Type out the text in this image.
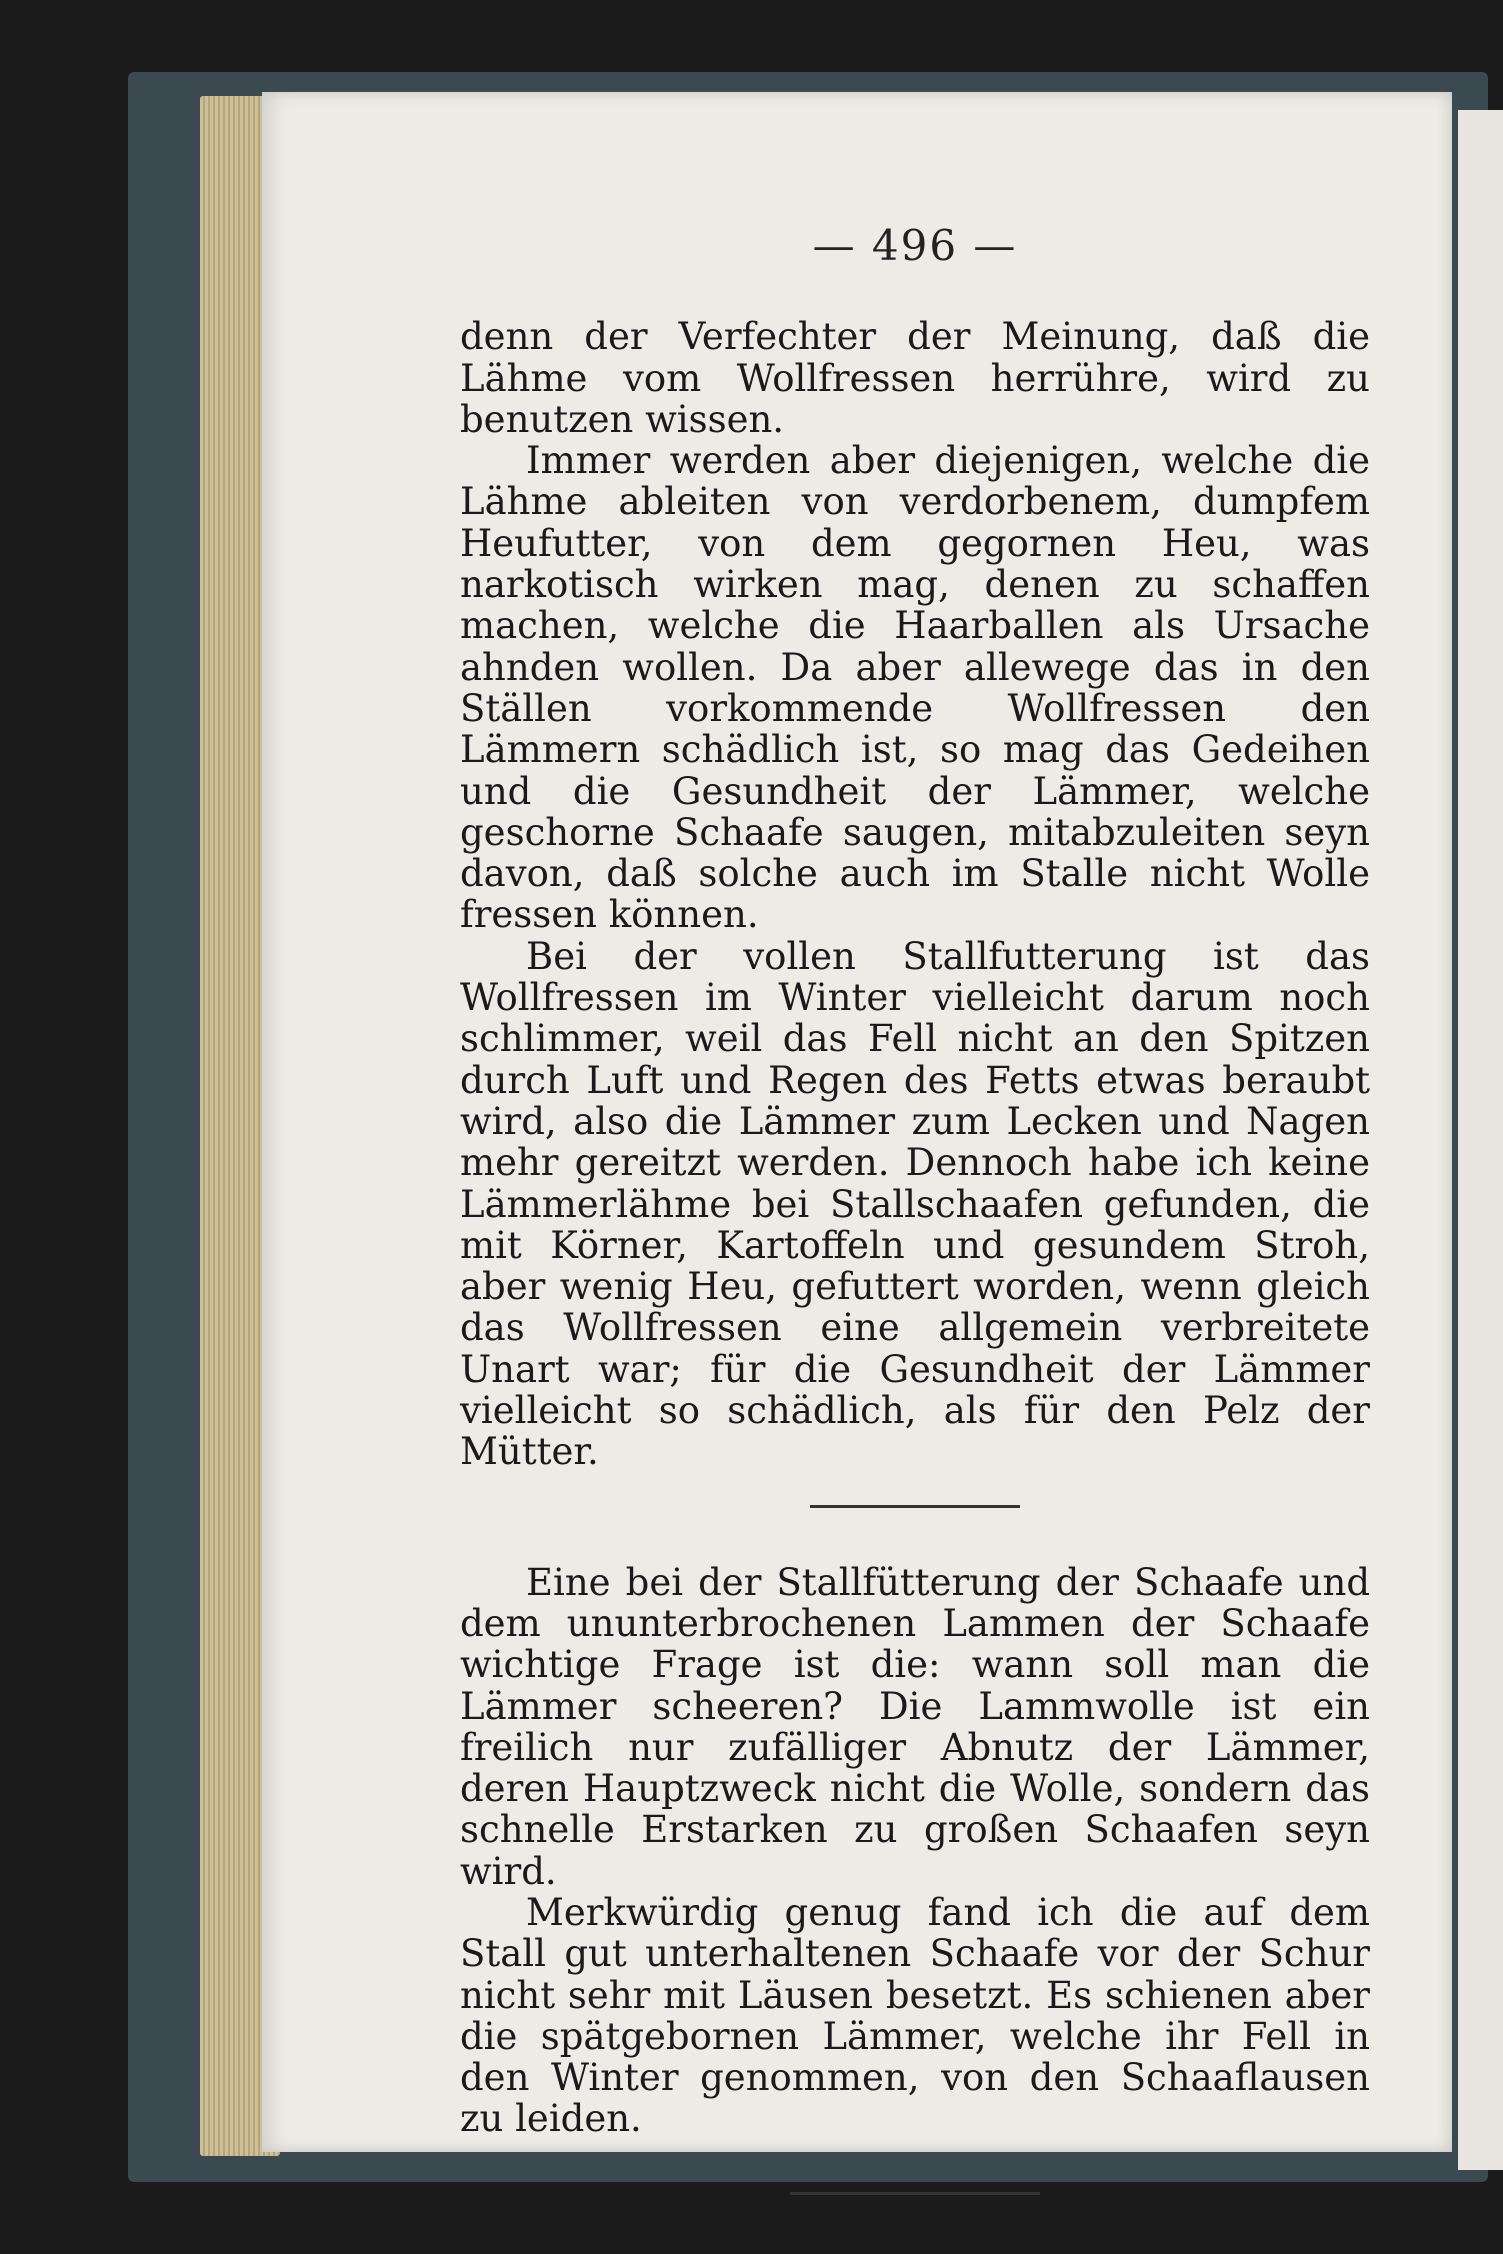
— 496 —

denn der Verfechter der Meinung, daß die Lähme vom Wollfressen herrühre, wird zu benutzen wissen.

Immer werden aber diejenigen, welche die Lähme ableiten von verdorbenem, dumpfem Heufutter, von dem gegornen Heu, was narkotisch wirken mag, denen zu schaffen machen, welche die Haarballen als Ursache ahnden wollen. Da aber allewege das in den Ställen vorkommende Wollfressen den Lämmern schädlich ist, so mag das Gedeihen und die Gesundheit der Lämmer, welche geschorne Schaafe saugen, mitabzuleiten seyn davon, daß solche auch im Stalle nicht Wolle fressen können.

Bei der vollen Stallfutterung ist das Wollfressen im Winter vielleicht darum noch schlimmer, weil das Fell nicht an den Spitzen durch Luft und Regen des Fetts etwas beraubt wird, also die Lämmer zum Lecken und Nagen mehr gereitzt werden. Dennoch habe ich keine Lämmerlähme bei Stallschaafen gefunden, die mit Körner, Kartoffeln und gesundem Stroh, aber wenig Heu, gefuttert worden, wenn gleich das Wollfressen eine allgemein verbreitete Unart war; für die Gesundheit der Lämmer vielleicht so schädlich, als für den Pelz der Mütter.

Eine bei der Stallfütterung der Schaafe und dem ununterbrochenen Lammen der Schaafe wichtige Frage ist die: wann soll man die Lämmer scheeren? Die Lammwolle ist ein freilich nur zufälliger Abnutz der Lämmer, deren Hauptzweck nicht die Wolle, sondern das schnelle Erstarken zu großen Schaafen seyn wird.

Merkwürdig genug fand ich die auf dem Stall gut unterhaltenen Schaafe vor der Schur nicht sehr mit Läusen besetzt. Es schienen aber die spätgebornen Lämmer, welche ihr Fell in den Winter genommen, von den Schaaflausen zu leiden.
